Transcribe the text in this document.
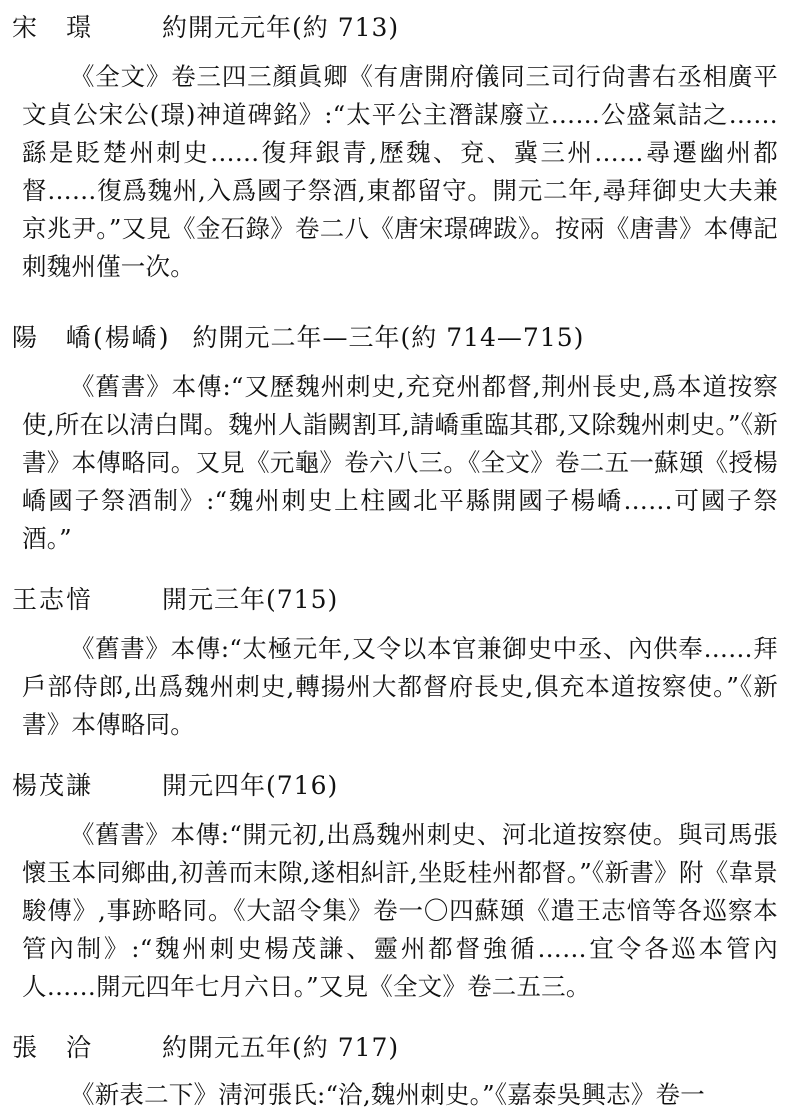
宋　璟	約開元元年(約 713)
《全文》卷三四三顏眞卿《有唐開府儀同三司行尙書右丞相廣平文貞公宋公(璟)神道碑銘》:“太平公主潛謀廢立……公盛氣詰之……繇是貶楚州刺史……復拜銀青,歷魏、兗、冀三州……尋遷幽州都督……復爲魏州,入爲國子祭酒,東都留守。開元二年,尋拜御史大夫兼京兆尹。”又見《金石錄》卷二八《唐宋璟碑跋》。按兩《唐書》本傳記刺魏州僅一次。
陽　嶠(楊嶠) 約開元二年—三年(約 714—715)
《舊書》本傳:“又歷魏州刺史,充兗州都督,荆州長史,爲本道按察使,所在以淸白聞。魏州人詣闕割耳,請嶠重臨其郡,又除魏州刺史。”《新書》本傳略同。又見《元龜》卷六八三。《全文》卷二五一蘇頲《授楊嶠國子祭酒制》:“魏州刺史上柱國北平縣開國子楊嶠……可國子祭酒。”
王志愔	開元三年(715)
《舊書》本傳:“太極元年,又令以本官兼御史中丞、內供奉……拜戶部侍郎,出爲魏州刺史,轉揚州大都督府長史,俱充本道按察使。”《新書》本傳略同。
楊茂謙	開元四年(716)
《舊書》本傳:“開元初,出爲魏州刺史、河北道按察使。與司馬張懷玉本同鄉曲,初善而末隙,遂相糾訐,坐貶桂州都督。”《新書》附《韋景駿傳》,事跡略同。《大詔令集》卷一〇四蘇頲《遣王志愔等各巡察本管內制》:“魏州刺史楊茂謙、靈州都督強循……宜令各巡本管內人……開元四年七月六日。”又見《全文》卷二五三。
張　洽	約開元五年(約 717)
《新表二下》淸河張氏:“洽,魏州刺史。”《嘉泰吳興志》卷一
